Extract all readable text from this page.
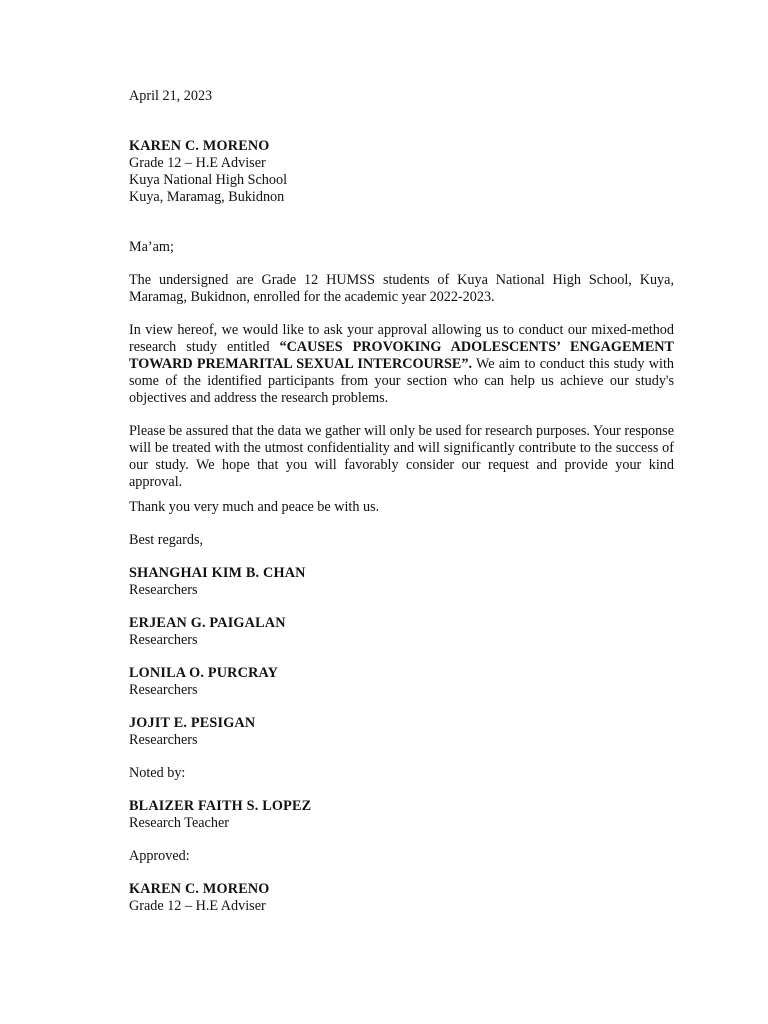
April 21, 2023

KAREN C. MORENO

Grade 12 – H.E Adviser

Kuya National High School

Kuya, Maramag, Bukidnon

Ma’am;

The undersigned are Grade 12 HUMSS students of Kuya National High School, Kuya, Maramag, Bukidnon, enrolled for the academic year 2022-2023.

In view hereof, we would like to ask your approval allowing us to conduct our mixed-method research study entitled “CAUSES PROVOKING ADOLESCENTS’ ENGAGEMENT TOWARD PREMARITAL SEXUAL INTERCOURSE”. We aim to conduct this study with some of the identified participants from your section who can help us achieve our study's objectives and address the research problems.

Please be assured that the data we gather will only be used for research purposes. Your response will be treated with the utmost confidentiality and will significantly contribute to the success of our study. We hope that you will favorably consider our request and provide your kind approval.

Thank you very much and peace be with us.

Best regards,

SHANGHAI KIM B. CHAN

Researchers

ERJEAN G. PAIGALAN

Researchers

LONILA O. PURCRAY

Researchers

JOJIT E. PESIGAN

Researchers

Noted by:

BLAIZER FAITH S. LOPEZ

Research Teacher

Approved:

KAREN C. MORENO

Grade 12 – H.E Adviser
